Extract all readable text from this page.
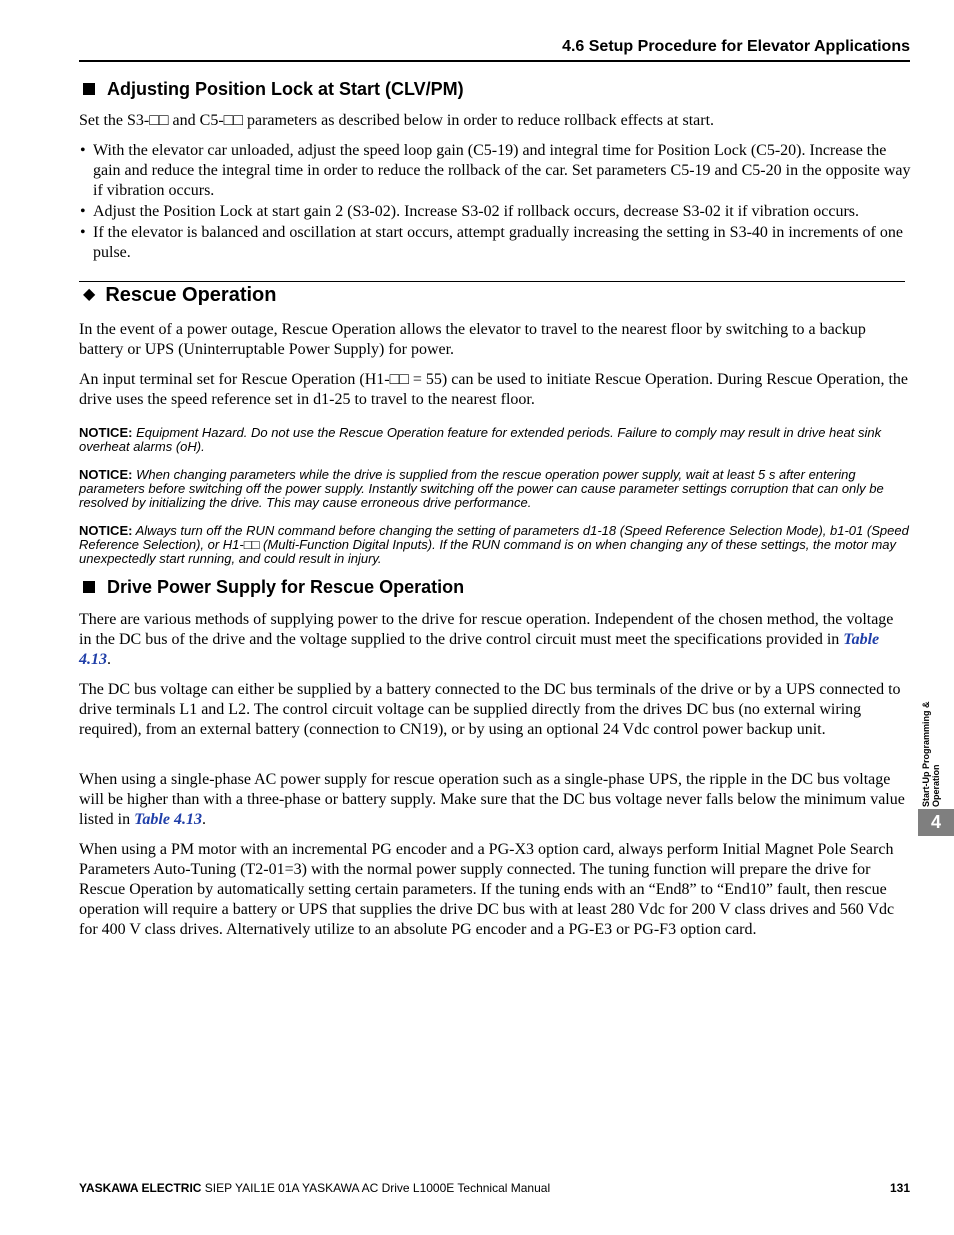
4.6 Setup Procedure for Elevator Applications
Adjusting Position Lock at Start (CLV/PM)
Set the S3-□□ and C5-□□ parameters as described below in order to reduce rollback effects at start.
• With the elevator car unloaded, adjust the speed loop gain (C5-19) and integral time for Position Lock (C5-20). Increase the gain and reduce the integral time in order to reduce the rollback of the car. Set parameters C5-19 and C5-20 in the opposite way if vibration occurs.
• Adjust the Position Lock at start gain 2 (S3-02). Increase S3-02 if rollback occurs, decrease S3-02 it if vibration occurs.
• If the elevator is balanced and oscillation at start occurs, attempt gradually increasing the setting in S3-40 in increments of one pulse.
◆ Rescue Operation
In the event of a power outage, Rescue Operation allows the elevator to travel to the nearest floor by switching to a backup battery or UPS (Uninterruptable Power Supply) for power.
An input terminal set for Rescue Operation (H1-□□ = 55) can be used to initiate Rescue Operation. During Rescue Operation, the drive uses the speed reference set in d1-25 to travel to the nearest floor.
NOTICE: Equipment Hazard. Do not use the Rescue Operation feature for extended periods. Failure to comply may result in drive heat sink overheat alarms (oH).
NOTICE: When changing parameters while the drive is supplied from the rescue operation power supply, wait at least 5 s after entering parameters before switching off the power supply. Instantly switching off the power can cause parameter settings corruption that can only be resolved by initializing the drive. This may cause erroneous drive performance.
NOTICE: Always turn off the RUN command before changing the setting of parameters d1-18 (Speed Reference Selection Mode), b1-01 (Speed Reference Selection), or H1-□□ (Multi-Function Digital Inputs). If the RUN command is on when changing any of these settings, the motor may unexpectedly start running, and could result in injury.
Drive Power Supply for Rescue Operation
There are various methods of supplying power to the drive for rescue operation. Independent of the chosen method, the voltage in the DC bus of the drive and the voltage supplied to the drive control circuit must meet the specifications provided in Table 4.13.
The DC bus voltage can either be supplied by a battery connected to the DC bus terminals of the drive or by a UPS connected to drive terminals L1 and L2. The control circuit voltage can be supplied directly from the drives DC bus (no external wiring required), from an external battery (connection to CN19), or by using an optional 24 Vdc control power backup unit.
When using a single-phase AC power supply for rescue operation such as a single-phase UPS, the ripple in the DC bus voltage will be higher than with a three-phase or battery supply. Make sure that the DC bus voltage never falls below the minimum value listed in Table 4.13.
When using a PM motor with an incremental PG encoder and a PG-X3 option card, always perform Initial Magnet Pole Search Parameters Auto-Tuning (T2-01=3) with the normal power supply connected. The tuning function will prepare the drive for Rescue Operation by automatically setting certain parameters. If the tuning ends with an “End8” to “End10” fault, then rescue operation will require a battery or UPS that supplies the drive DC bus with at least 280 Vdc for 200 V class drives and 560 Vdc for 400 V class drives. Alternatively utilize to an absolute PG encoder and a PG-E3 or PG-F3 option card.
Start-Up Programming & Operation
4
YASKAWA ELECTRIC SIEP YAIL1E 01A YASKAWA AC Drive L1000E Technical Manual	131
